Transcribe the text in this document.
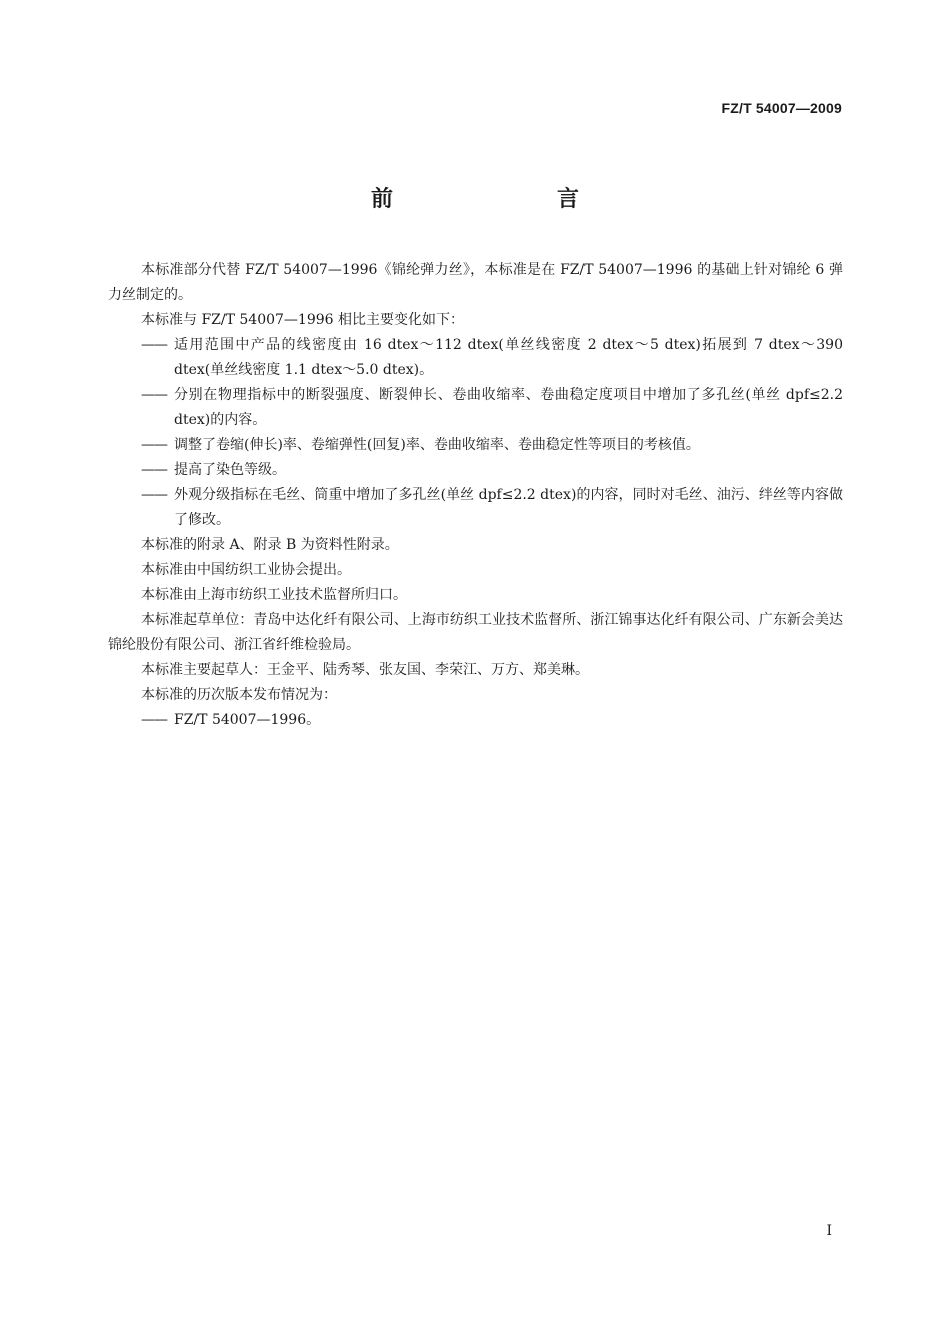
FZ/T 54007—2009
前　　言

本标准部分代替 FZ/T 54007—1996《锦纶弹力丝》，本标准是在 FZ/T 54007—1996 的基础上针对锦纶 6 弹力丝制定的。

本标准与 FZ/T 54007—1996 相比主要变化如下：

—— 适用范围中产品的线密度由 16 dtex～112 dtex(单丝线密度 2 dtex～5 dtex)拓展到 7 dtex～390 dtex(单丝线密度 1.1 dtex～5.0 dtex)。
—— 分别在物理指标中的断裂强度、断裂伸长、卷曲收缩率、卷曲稳定度项目中增加了多孔丝(单丝 dpf≤2.2 dtex)的内容。
—— 调整了卷缩(伸长)率、卷缩弹性(回复)率、卷曲收缩率、卷曲稳定性等项目的考核值。
—— 提高了染色等级。
—— 外观分级指标在毛丝、筒重中增加了多孔丝(单丝 dpf≤2.2 dtex)的内容，同时对毛丝、油污、绊丝等内容做了修改。

本标准的附录 A、附录 B 为资料性附录。

本标准由中国纺织工业协会提出。

本标准由上海市纺织工业技术监督所归口。

本标准起草单位：青岛中达化纤有限公司、上海市纺织工业技术监督所、浙江锦事达化纤有限公司、广东新会美达锦纶股份有限公司、浙江省纤维检验局。

本标准主要起草人：王金平、陆秀琴、张友国、李荣江、万方、郑美琳。

本标准的历次版本发布情况为：

—— FZ/T 54007—1996。
I
